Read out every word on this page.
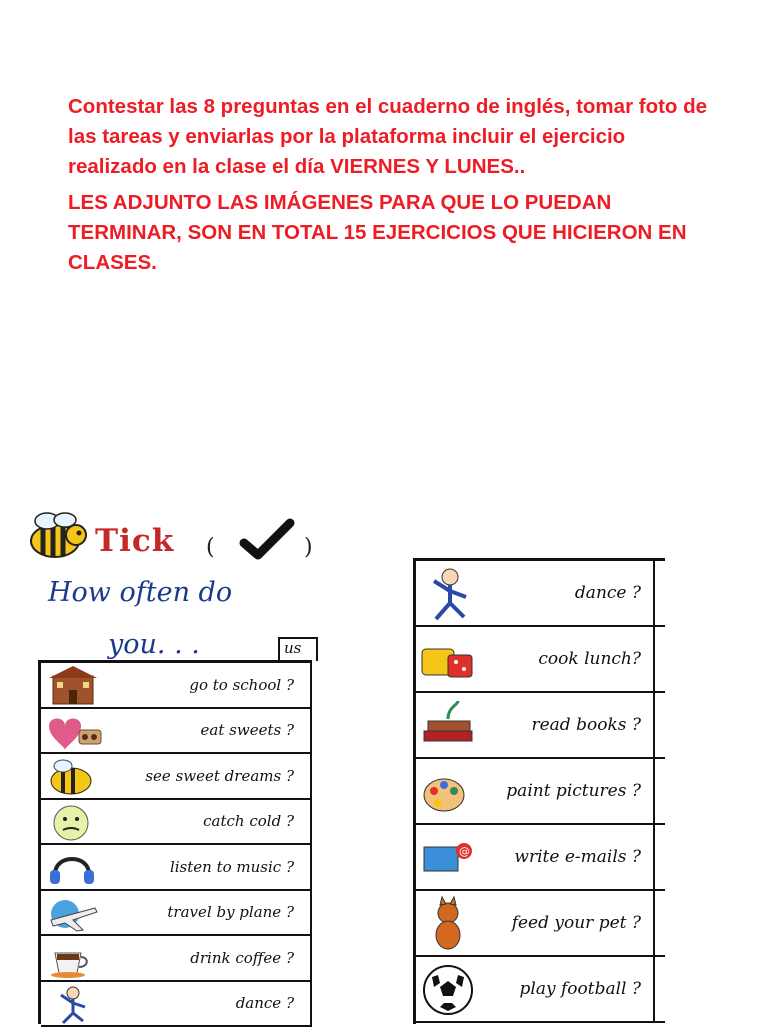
Contestar las 8 preguntas en el cuaderno de inglés, tomar foto de las tareas y enviarlas por la plataforma incluir el ejercicio realizado en la clase el día VIERNES Y LUNES..

LES ADJUNTO LAS IMÁGENES PARA QUE LO PUEDAN TERMINAR, SON EN TOTAL 15 EJERCICIOS QUE HICIERON EN CLASES.

Tick (	)
How often do
you. . .	us
go to school ?
eat sweets ?
see sweet dreams ?
catch cold ?
listen to music ?
travel by plane ?
drink coffee ?
dance ?
dance ?
cook lunch?
read books ?
paint pictures ?
@	write e-mails ?
feed your pet ?
play football ?
